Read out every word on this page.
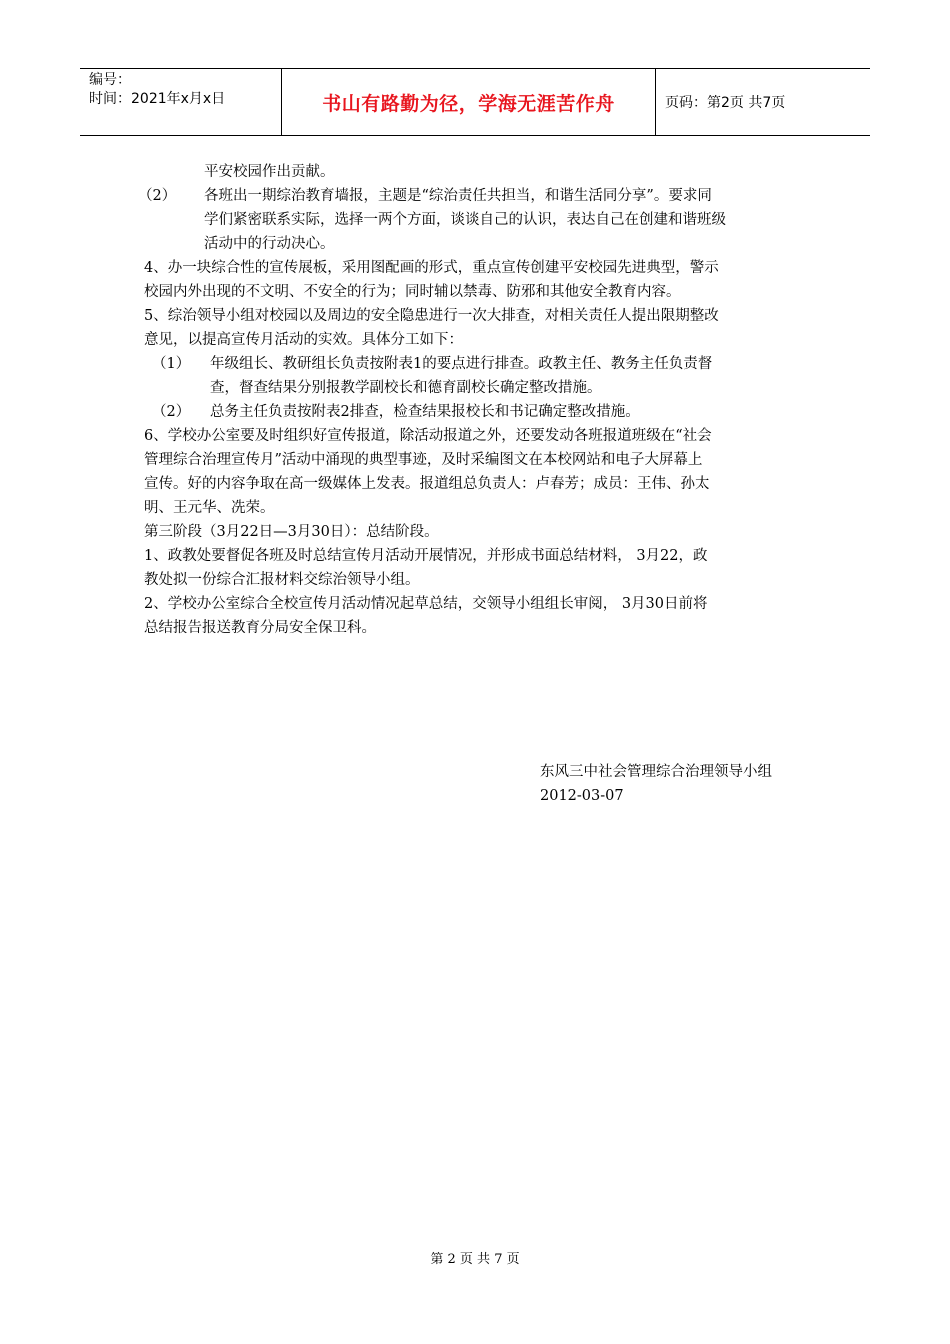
编号：
时间：2021年x月x日	书山有路勤为径，学海无涯苦作舟	页码：第2页 共7页
平安校园作出贡献。
（2） 各班出一期综治教育墙报，主题是“综治责任共担当，和谐生活同分享”。要求同
学们紧密联系实际，选择一两个方面，谈谈自己的认识，表达自己在创建和谐班级
活动中的行动决心。
4、办一块综合性的宣传展板，采用图配画的形式，重点宣传创建平安校园先进典型，警示
校园内外出现的不文明、不安全的行为；同时辅以禁毒、防邪和其他安全教育内容。
5、综治领导小组对校园以及周边的安全隐患进行一次大排查，对相关责任人提出限期整改
意见，以提高宣传月活动的实效。具体分工如下：
（1） 年级组长、教研组长负责按附表1的要点进行排查。政教主任、教务主任负责督
查，督查结果分别报教学副校长和德育副校长确定整改措施。
（2） 总务主任负责按附表2排查，检查结果报校长和书记确定整改措施。
6、学校办公室要及时组织好宣传报道，除活动报道之外，还要发动各班报道班级在“社会
管理综合治理宣传月”活动中涌现的典型事迹，及时采编图文在本校网站和电子大屏幕上
宣传。好的内容争取在高一级媒体上发表。报道组总负责人：卢春芳；成员：王伟、孙太
明、王元华、冼荣。
第三阶段（3月22日—3月30日）：总结阶段。
1、政教处要督促各班及时总结宣传月活动开展情况，并形成书面总结材料， 3月22，政
教处拟一份综合汇报材料交综治领导小组。
2、学校办公室综合全校宣传月活动情况起草总结，交领导小组组长审阅， 3月30日前将
总结报告报送教育分局安全保卫科。
东风三中社会管理综合治理领导小组
2012-03-07
第 2 页 共 7 页
